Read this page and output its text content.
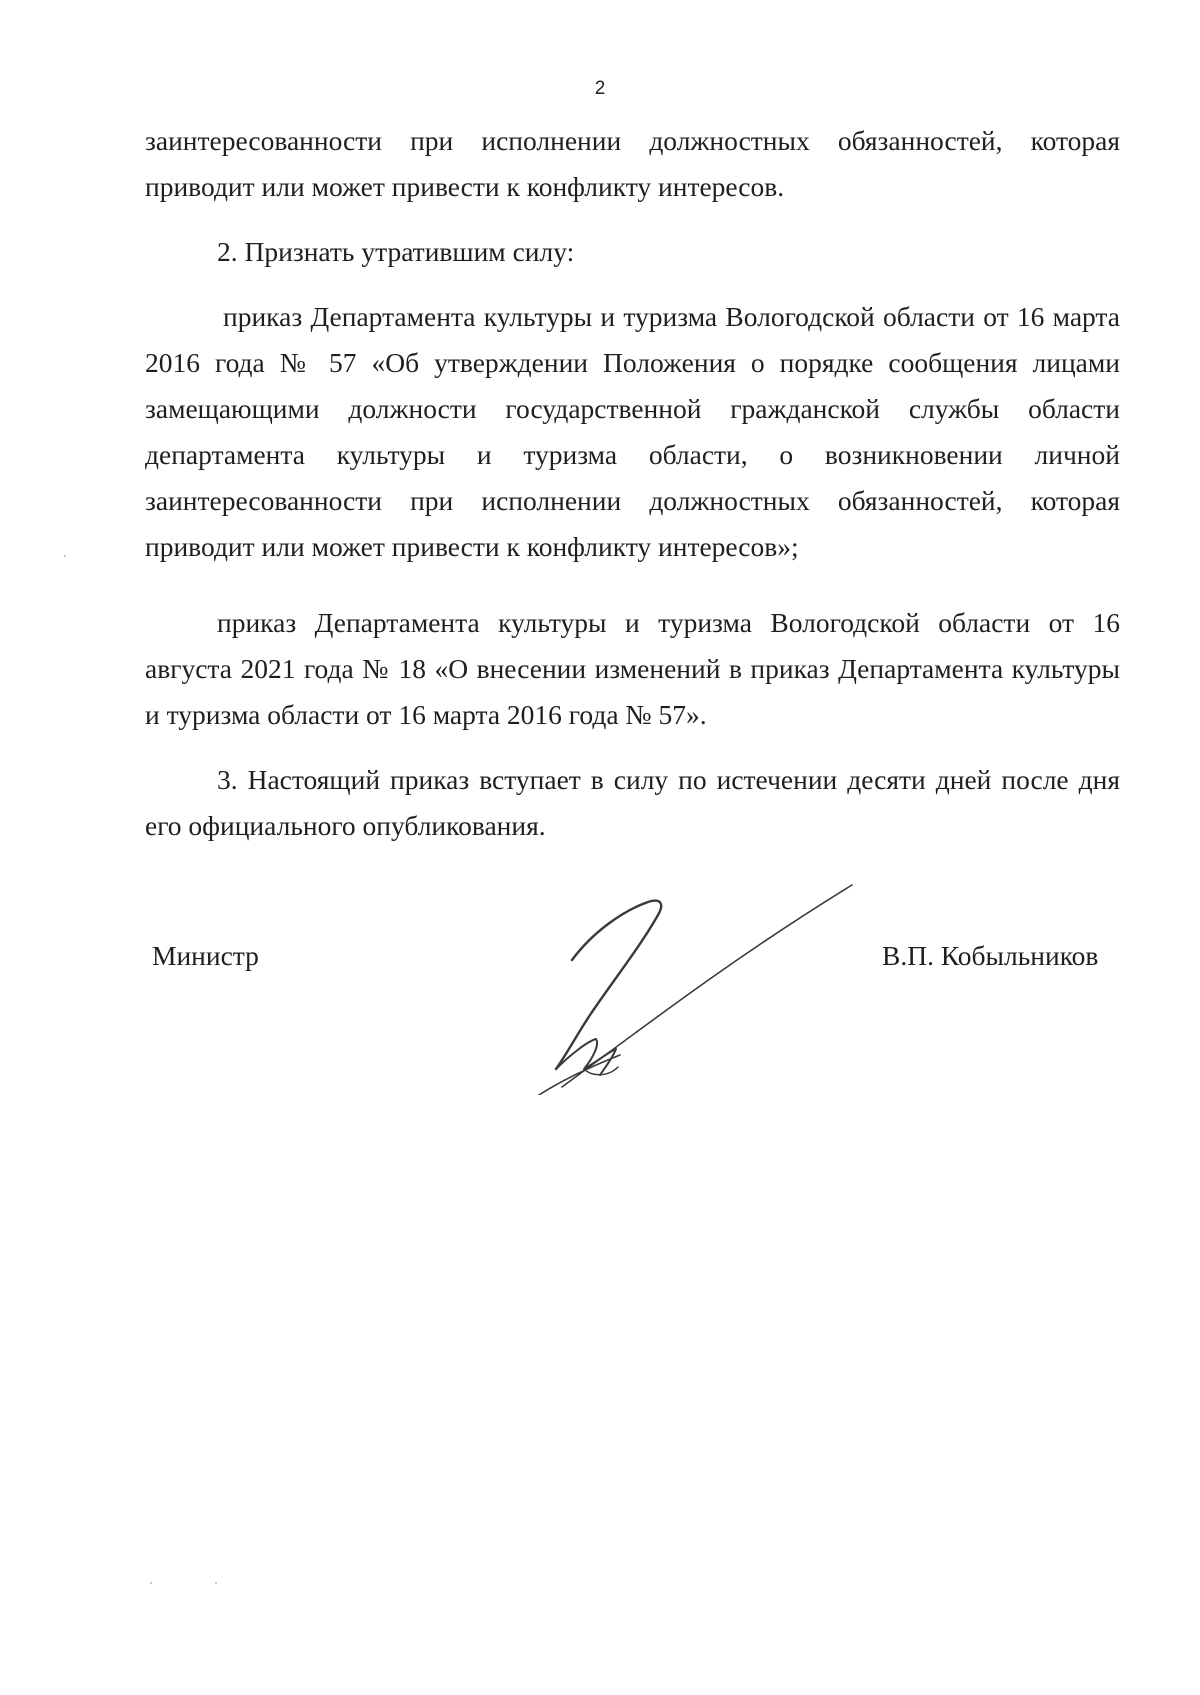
2

заинтересованности при исполнении должностных обязанностей, которая приводит или может привести к конфликту интересов.

2. Признать утратившим силу:

приказ Департамента культуры и туризма Вологодской области от 16 марта 2016 года № 57 «Об утверждении Положения о порядке сообщения лицами замещающими должности государственной гражданской службы области департамента культуры и туризма области, о возникновении личной заинтересованности при исполнении должностных обязанностей, которая приводит или может привести к конфликту интересов»;

приказ Департамента культуры и туризма Вологодской области от 16 августа 2021 года № 18 «О внесении изменений в приказ Департамента культуры и туризма области от 16 марта 2016 года № 57».

3. Настоящий приказ вступает в силу по истечении десяти дней после дня его официального опубликования.

Министр	В.П. Кобыльников
